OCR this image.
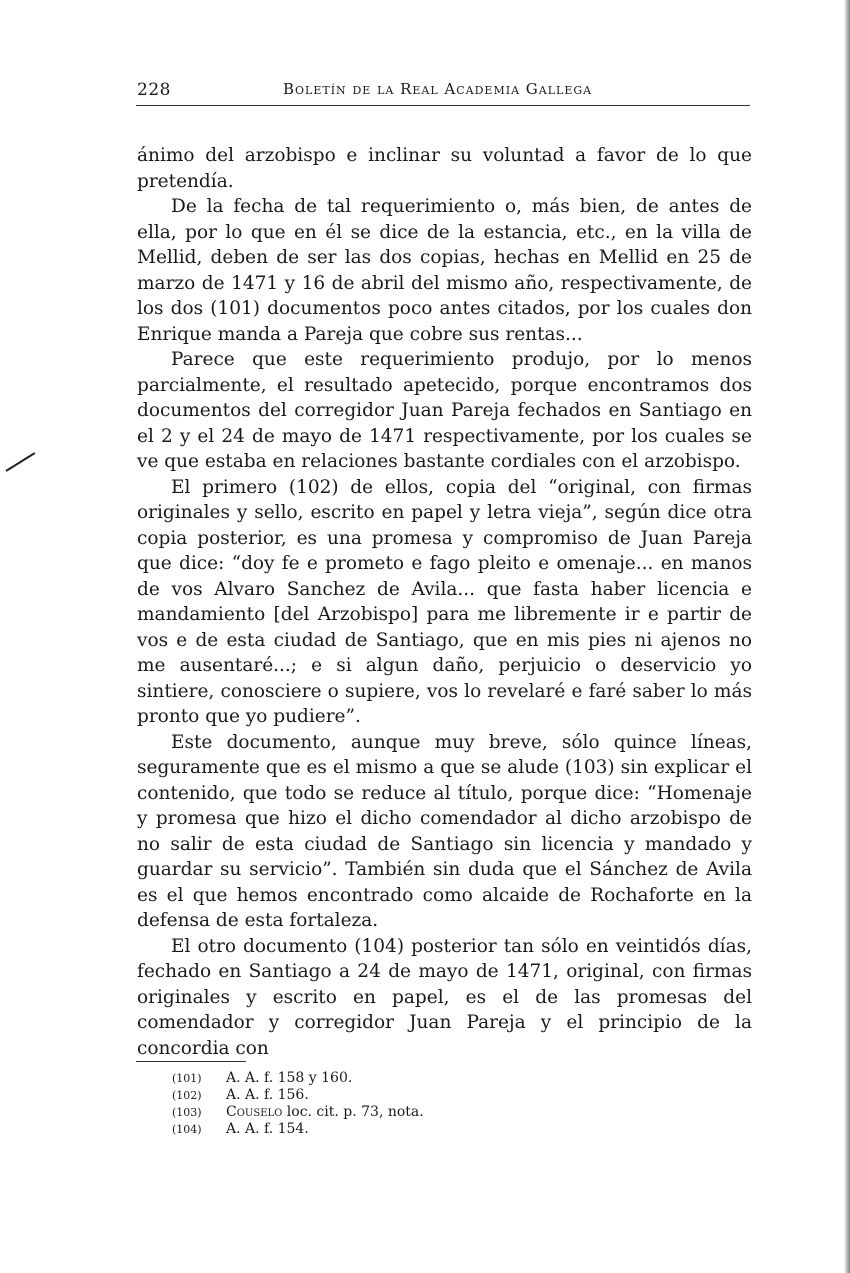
228	Boletín de la Real Academia Gallega

ánimo del arzobispo e inclinar su voluntad a favor de lo que pretendía.

De la fecha de tal requerimiento o, más bien, de antes de ella, por lo que en él se dice de la estancia, etc., en la villa de Mellid, deben de ser las dos copias, hechas en Mellid en 25 de marzo de 1471 y 16 de abril del mismo año, respectivamente, de los dos (101) documentos poco antes citados, por los cuales don Enrique manda a Pareja que cobre sus rentas...

Parece que este requerimiento produjo, por lo menos parcialmente, el resultado apetecido, porque encontramos dos documentos del corregidor Juan Pareja fechados en Santiago en el 2 y el 24 de mayo de 1471 respectivamente, por los cuales se ve que estaba en relaciones bastante cordiales con el arzobispo.

El primero (102) de ellos, copia del “original, con firmas originales y sello, escrito en papel y letra vieja”, según dice otra copia posterior, es una promesa y compromiso de Juan Pareja que dice: “doy fe e prometo e fago pleito e omenaje... en manos de vos Alvaro Sanchez de Avila... que fasta haber licencia e mandamiento [del Arzobispo] para me libremente ir e partir de vos e de esta ciudad de Santiago, que en mis pies ni ajenos no me ausentaré...; e si algun daño, perjuicio o deservicio yo sintiere, conosciere o supiere, vos lo revelaré e faré saber lo más pronto que yo pudiere”.

Este documento, aunque muy breve, sólo quince líneas, seguramente que es el mismo a que se alude (103) sin explicar el contenido, que todo se reduce al título, porque dice: “Homenaje y promesa que hizo el dicho comendador al dicho arzobispo de no salir de esta ciudad de Santiago sin licencia y mandado y guardar su servicio”. También sin duda que el Sánchez de Avila es el que hemos encontrado como alcaide de Rochaforte en la defensa de esta fortaleza.

El otro documento (104) posterior tan sólo en veintidós días, fechado en Santiago a 24 de mayo de 1471, original, con firmas originales y escrito en papel, es el de las promesas del comendador y corregidor Juan Pareja y el principio de la concordia con

(101) A. A. f. 158 y 160.
(102) A. A. f. 156.
(103) Couselo loc. cit. p. 73, nota.
(104) A. A. f. 154.
